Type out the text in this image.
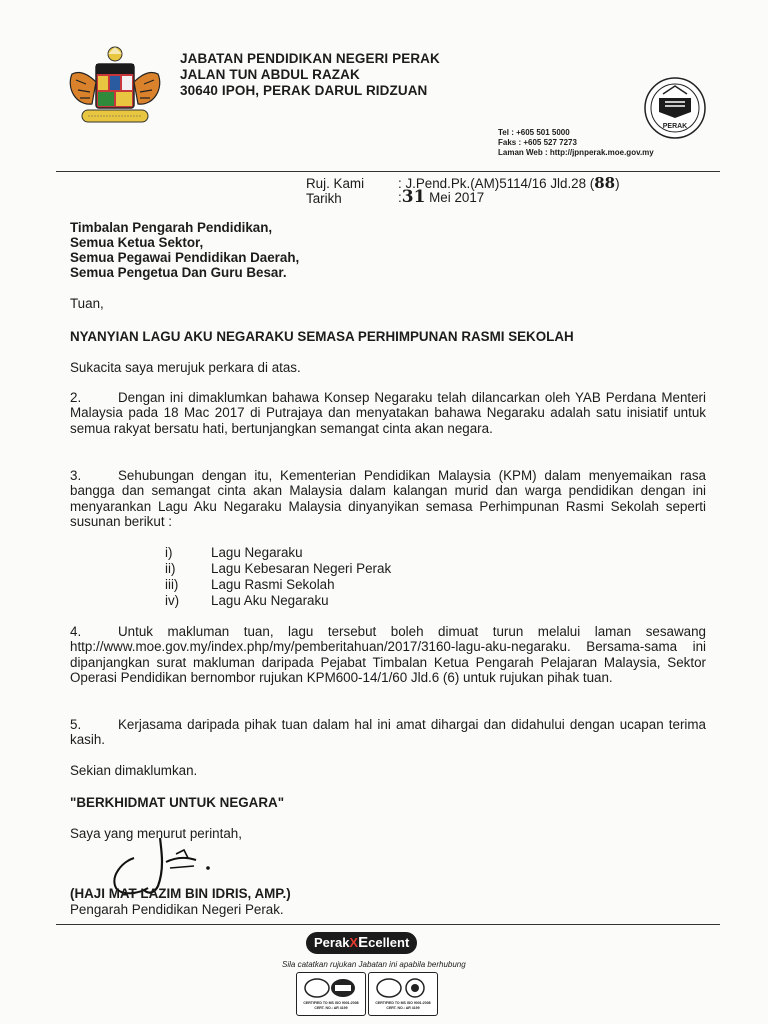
JABATAN PENDIDIKAN NEGERI PERAK
JALAN TUN ABDUL RAZAK
30640 IPOH, PERAK DARUL RIDZUAN
PERAK
Tel : +605 501 5000
Faks : +605 527 7273
Laman Web : http://jpnperak.moe.gov.my
Ruj. Kami	: J.Pend.Pk.(AM)5114/16 Jld.28 (88)
Tarikh	:31 Mei 2017
Timbalan Pengarah Pendidikan,
Semua Ketua Sektor,
Semua Pegawai Pendidikan Daerah,
Semua Pengetua Dan Guru Besar.
Tuan,
NYANYIAN LAGU AKU NEGARAKU SEMASA PERHIMPUNAN RASMI SEKOLAH
Sukacita saya merujuk perkara di atas.
2.	Dengan ini dimaklumkan bahawa Konsep Negaraku telah dilancarkan oleh YAB Perdana Menteri Malaysia pada 18 Mac 2017 di Putrajaya dan menyatakan bahawa Negaraku adalah satu inisiatif untuk semua rakyat bersatu hati, bertunjangkan semangat cinta akan negara.
3.	Sehubungan dengan itu, Kementerian Pendidikan Malaysia (KPM) dalam menyemaikan rasa bangga dan semangat cinta akan Malaysia dalam kalangan murid dan warga pendidikan dengan ini menyarankan Lagu Aku Negaraku Malaysia dinyanyikan semasa Perhimpunan Rasmi Sekolah seperti susunan berikut :
i)	Lagu Negaraku
ii)	Lagu Kebesaran Negeri Perak
iii) Lagu Rasmi Sekolah
iv) Lagu Aku Negaraku
4.	Untuk makluman tuan, lagu tersebut boleh dimuat turun melalui laman sesawang http://www.moe.gov.my/index.php/my/pemberitahuan/2017/3160-lagu-aku-negaraku. Bersama-sama ini dipanjangkan surat makluman daripada Pejabat Timbalan Ketua Pengarah Pelajaran Malaysia, Sektor Operasi Pendidikan bernombor rujukan KPM600-14/1/60 Jld.6 (6) untuk rujukan pihak tuan.
5.	Kerjasama daripada pihak tuan dalam hal ini amat dihargai dan didahului dengan ucapan terima kasih.
Sekian dimaklumkan.
"BERKHIDMAT UNTUK NEGARA"
Saya yang menurut perintah,
(HAJI MAT LAZIM BIN IDRIS, AMP.)
Pengarah Pendidikan Negeri Perak.
PerakXEcellent
Sila catatkan rujukan Jabatan ini apabila berhubung
CERTIFIED TO MS ISO 9001:2008
CERT. NO.: AR 4199
CERTIFIED TO MS ISO 9001:2008
CERT. NO.: AR 4199
